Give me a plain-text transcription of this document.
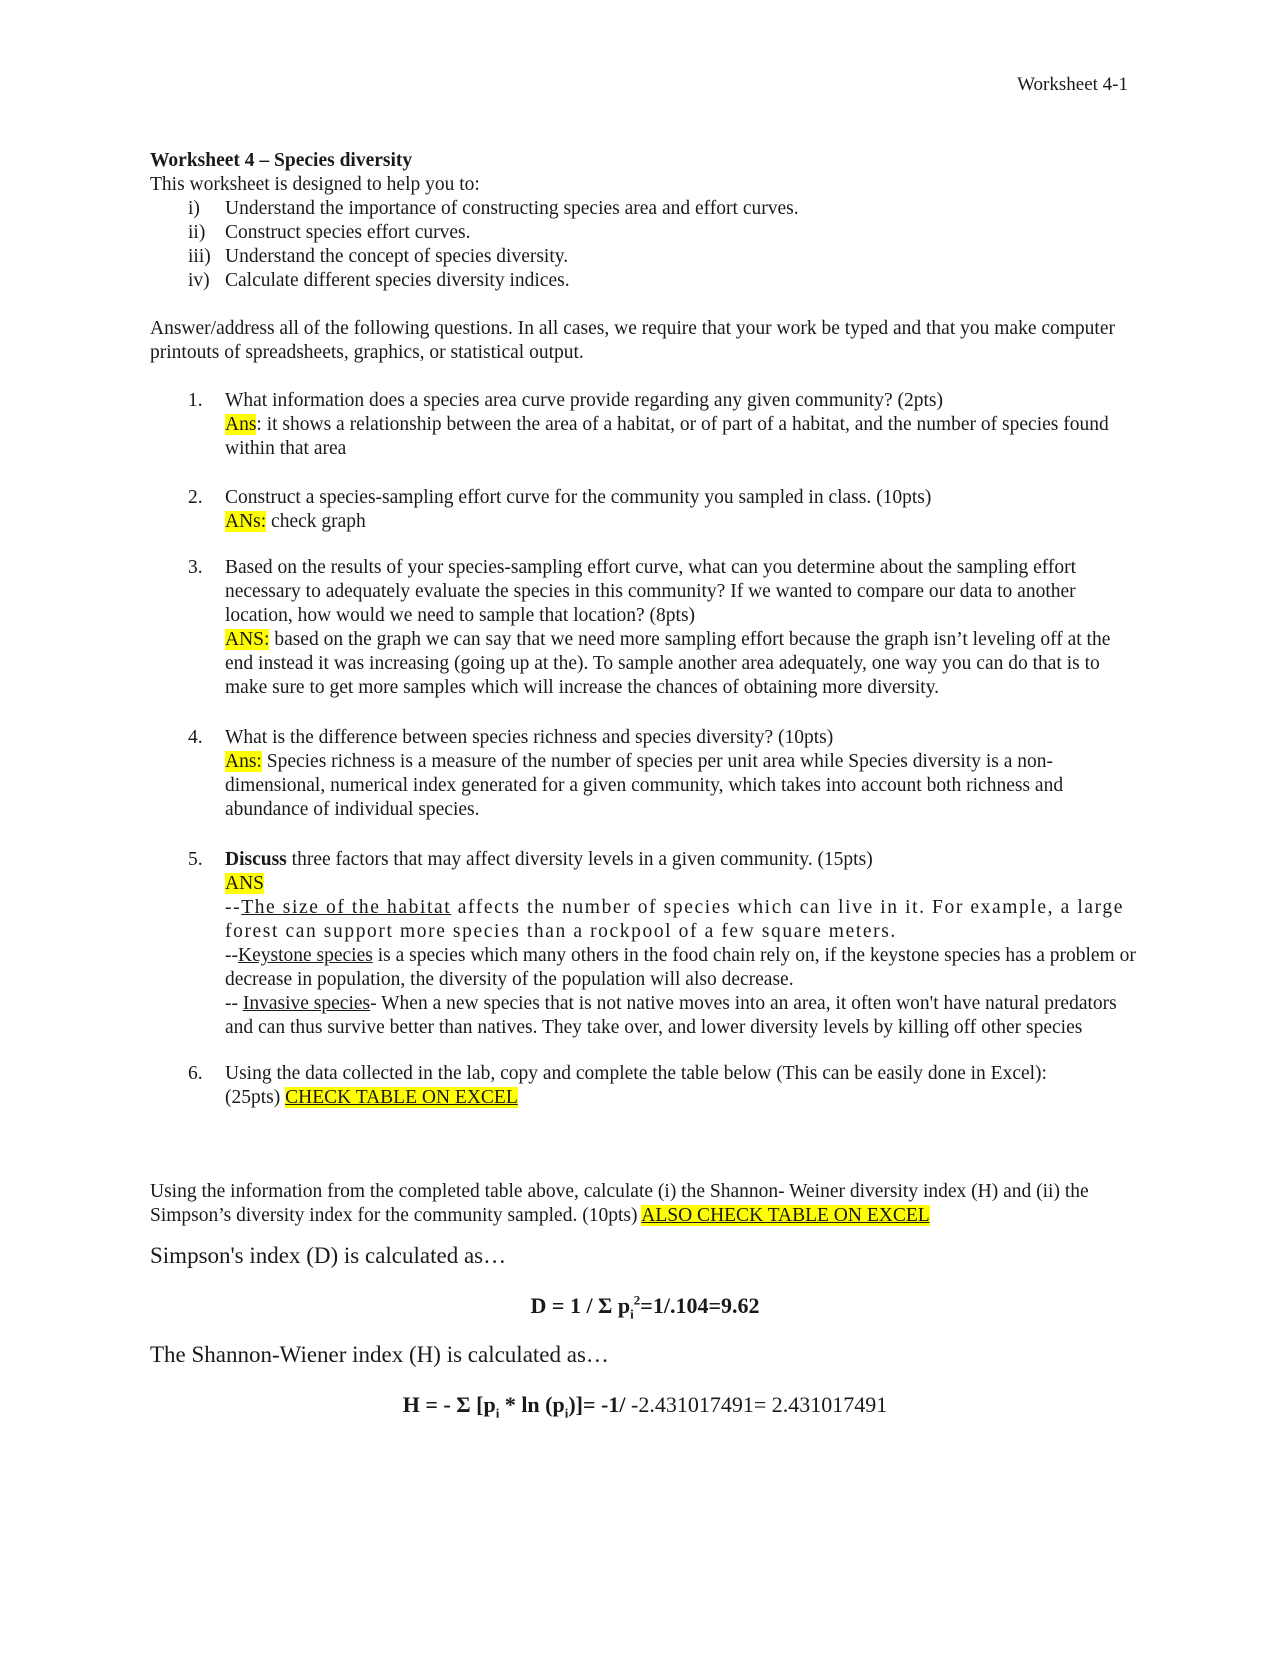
Worksheet 4-1
Worksheet 4 – Species diversity
This worksheet is designed to help you to:
i) Understand the importance of constructing species area and effort curves.
ii) Construct species effort curves.
iii) Understand the concept of species diversity.
iv) Calculate different species diversity indices.

Answer/address all of the following questions. In all cases, we require that your work be typed and that you make computer printouts of spreadsheets, graphics, or statistical output.

1. What information does a species area curve provide regarding any given community? (2pts)
Ans: it shows a relationship between the area of a habitat, or of part of a habitat, and the number of species found within that area
2. Construct a species-sampling effort curve for the community you sampled in class. (10pts)
ANs: check graph
3. Based on the results of your species-sampling effort curve, what can you determine about the sampling effort necessary to adequately evaluate the species in this community? If we wanted to compare our data to another location, how would we need to sample that location? (8pts)
ANS: based on the graph we can say that we need more sampling effort because the graph isn’t leveling off at the end instead it was increasing (going up at the). To sample another area adequately, one way you can do that is to make sure to get more samples which will increase the chances of obtaining more diversity.
4. What is the difference between species richness and species diversity? (10pts)
Ans: Species richness is a measure of the number of species per unit area while Species diversity is a non-dimensional, numerical index generated for a given community, which takes into account both richness and abundance of individual species.
5. Discuss three factors that may affect diversity levels in a given community. (15pts)
ANS
--The size of the habitat affects the number of species which can live in it. For example, a large forest can support more species than a rockpool of a few square meters.
--Keystone species is a species which many others in the food chain rely on, if the keystone species has a problem or decrease in population, the diversity of the population will also decrease.
-- Invasive species- When a new species that is not native moves into an area, it often won't have natural predators and can thus survive better than natives. They take over, and lower diversity levels by killing off other species
6. Using the data collected in the lab, copy and complete the table below (This can be easily done in Excel):
(25pts) CHECK TABLE ON EXCEL

Using the information from the completed table above, calculate (i) the Shannon- Weiner diversity index (H) and (ii) the Simpson’s diversity index for the community sampled. (10pts) ALSO CHECK TABLE ON EXCEL

Simpson's index (D) is calculated as…
D = 1 / Σ $p_i^2=1/.104=9.62$
The Shannon-Wiener index (H) is calculated as…
H = - Σ $[p_i * \ln (p_i)]= -1/$ -2.431017491= 2.431017491
